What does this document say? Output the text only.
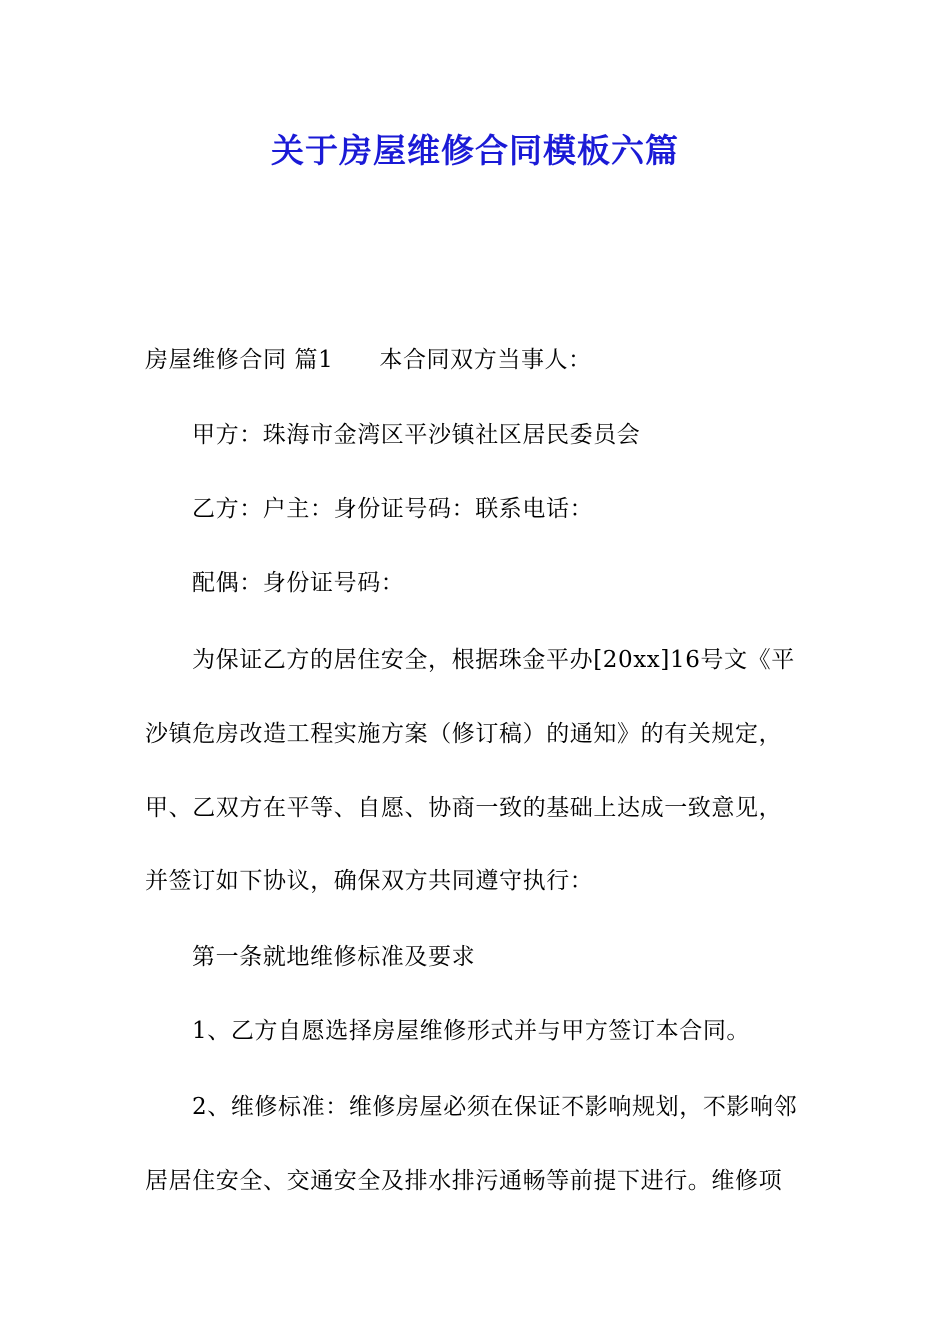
关于房屋维修合同模板六篇
房屋维修合同 篇1 本合同双方当事人：
甲方：珠海市金湾区平沙镇社区居民委员会
乙方：户主：身份证号码：联系电话：
配偶：身份证号码：
为保证乙方的居住安全，根据珠金平办[20xx]16号文《平
沙镇危房改造工程实施方案（修订稿）的通知》的有关规定，
甲、乙双方在平等、自愿、协商一致的基础上达成一致意见，
并签订如下协议，确保双方共同遵守执行：
第一条就地维修标准及要求
1、乙方自愿选择房屋维修形式并与甲方签订本合同。
2、维修标准：维修房屋必须在保证不影响规划，不影响邻
居居住安全、交通安全及排水排污通畅等前提下进行。维修项
